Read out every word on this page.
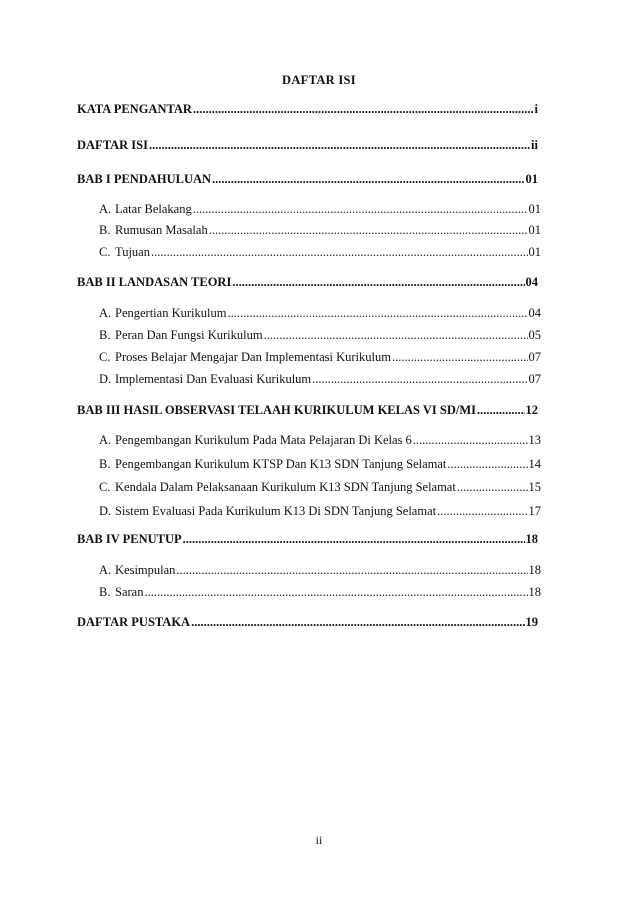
DAFTAR ISI
KATA PENGANTAR .....	i
DAFTAR ISI .....	ii
BAB I PENDAHULUAN .....	01
A. Latar Belakang .....	01
B. Rumusan Masalah .....	01
C. Tujuan .....	01
BAB II LANDASAN TEORI .....	04
A. Pengertian Kurikulum .....	04
B. Peran Dan Fungsi Kurikulum .....	05
C. Proses Belajar Mengajar Dan Implementasi Kurikulum .....	07
D. Implementasi Dan Evaluasi Kurikulum .....	07
BAB III HASIL OBSERVASI TELAAH KURIKULUM KELAS VI SD/MI .....	12
A. Pengembangan Kurikulum Pada Mata Pelajaran Di Kelas 6 .....	13
B. Pengembangan Kurikulum KTSP Dan K13 SDN Tanjung Selamat .....	14
C. Kendala Dalam Pelaksanaan Kurikulum K13 SDN Tanjung Selamat .....	15
D. Sistem Evaluasi Pada Kurikulum K13 Di SDN Tanjung Selamat .....	17
BAB IV PENUTUP .....	18
A. Kesimpulan .....	18
B. Saran .....	18
DAFTAR PUSTAKA .....	19
ii
